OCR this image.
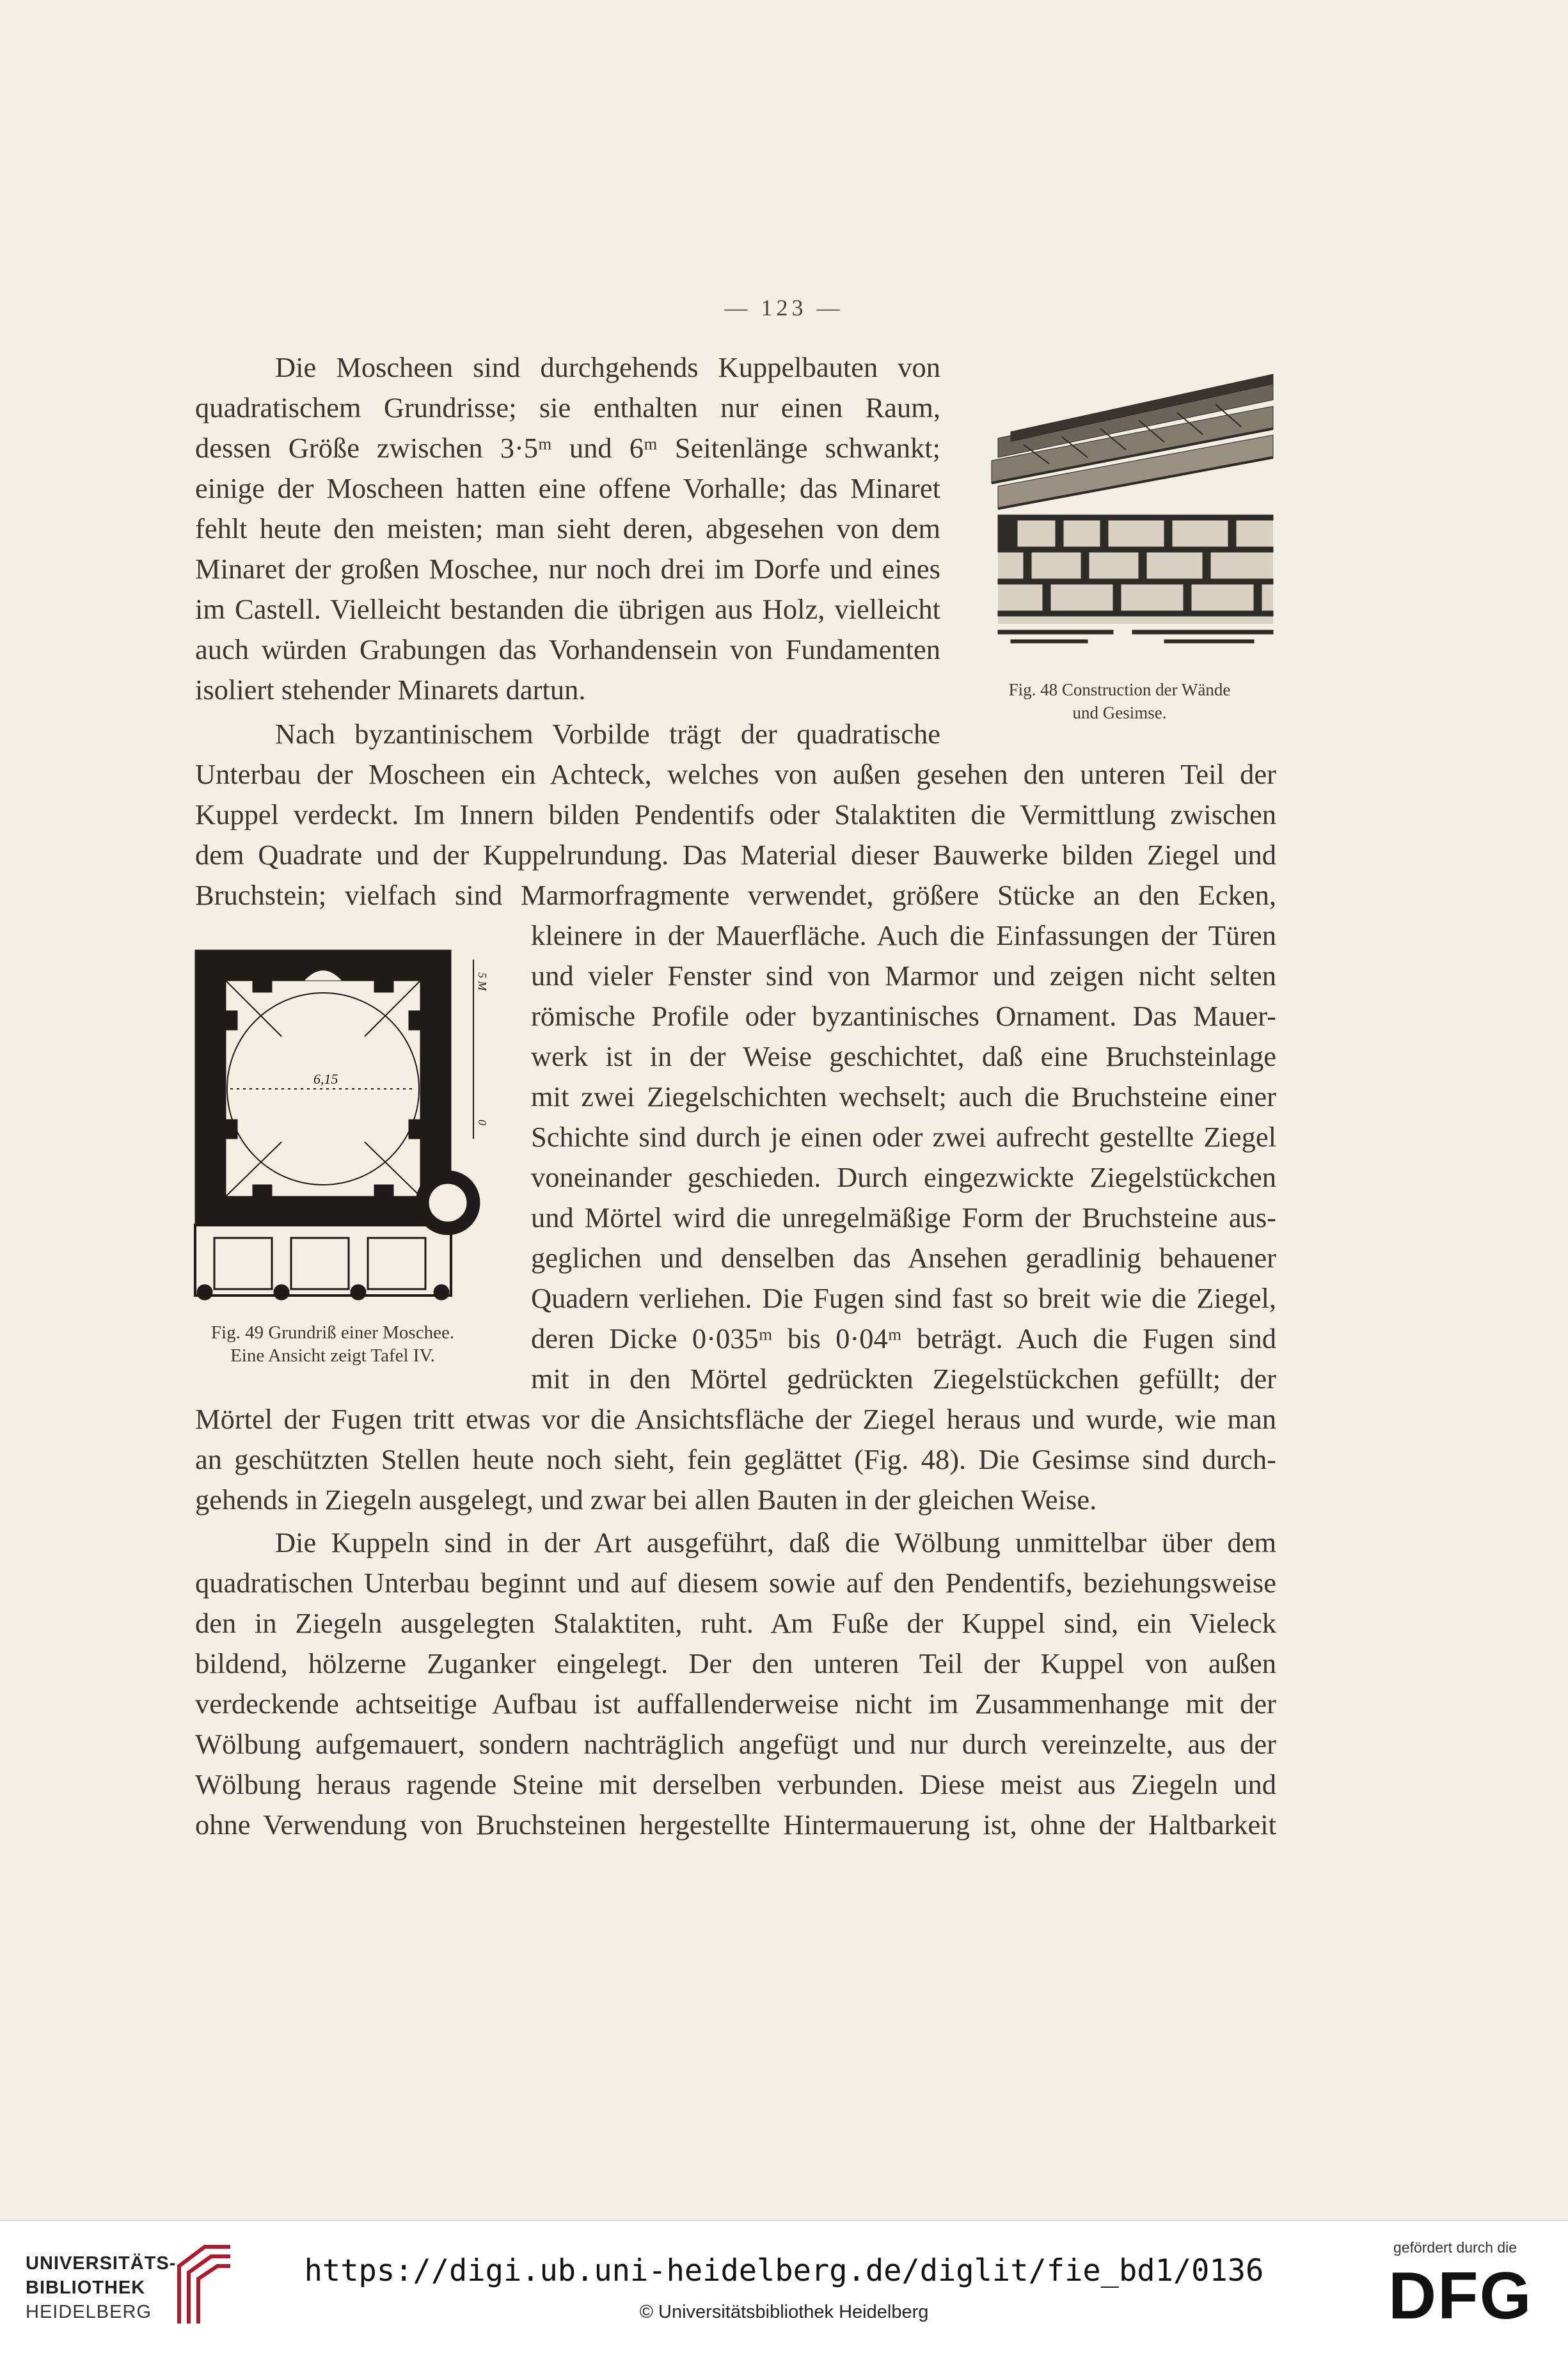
— 123 —
Die Moscheen sind durchgehends Kuppelbauten von
quadratischem Grundrisse; sie enthalten nur einen Raum,
dessen Größe zwischen 3·5ᵐ und 6ᵐ Seitenlänge schwankt;
einige der Moscheen hatten eine offene Vorhalle; das Minaret
fehlt heute den meisten; man sieht deren, abgesehen von dem
Minaret der großen Moschee, nur noch drei im Dorfe und eines
im Castell. Vielleicht bestanden die übrigen aus Holz, vielleicht
auch würden Grabungen das Vorhandensein von Fundamenten
isoliert stehender Minarets dartun.
Nach byzantinischem Vorbilde trägt der quadratische
Unterbau der Moscheen ein Achteck, welches von außen gesehen den unteren Teil der
Kuppel verdeckt. Im Innern bilden Pendentifs oder Stalaktiten die Vermittlung zwischen
dem Quadrate und der Kuppelrundung. Das Material dieser Bauwerke bilden Ziegel und
Bruchstein; vielfach sind Marmorfragmente verwendet, größere Stücke an den Ecken,
kleinere in der Mauerfläche. Auch die Einfassungen der Türen
und vieler Fenster sind von Marmor und zeigen nicht selten
römische Profile oder byzantinisches Ornament. Das Mauer-
werk ist in der Weise geschichtet, daß eine Bruchsteinlage
mit zwei Ziegelschichten wechselt; auch die Bruchsteine einer
Schichte sind durch je einen oder zwei aufrecht gestellte Ziegel
voneinander geschieden. Durch eingezwickte Ziegelstückchen
und Mörtel wird die unregelmäßige Form der Bruchsteine aus-
geglichen und denselben das Ansehen geradlinig behauener
Quadern verliehen. Die Fugen sind fast so breit wie die Ziegel,
deren Dicke 0·035ᵐ bis 0·04ᵐ beträgt. Auch die Fugen sind
mit in den Mörtel gedrückten Ziegelstückchen gefüllt; der
Mörtel der Fugen tritt etwas vor die Ansichtsfläche der Ziegel heraus und wurde, wie man
an geschützten Stellen heute noch sieht, fein geglättet (Fig. 48). Die Gesimse sind durch-
gehends in Ziegeln ausgelegt, und zwar bei allen Bauten in der gleichen Weise.
Die Kuppeln sind in der Art ausgeführt, daß die Wölbung unmittelbar über dem
quadratischen Unterbau beginnt und auf diesem sowie auf den Pendentifs, beziehungsweise
den in Ziegeln ausgelegten Stalaktiten, ruht. Am Fuße der Kuppel sind, ein Vieleck
bildend, hölzerne Zuganker eingelegt. Der den unteren Teil der Kuppel von außen
verdeckende achtseitige Aufbau ist auffallenderweise nicht im Zusammenhange mit der
Wölbung aufgemauert, sondern nachträglich angefügt und nur durch vereinzelte, aus der
Wölbung heraus ragende Steine mit derselben verbunden. Diese meist aus Ziegeln und
ohne Verwendung von Bruchsteinen hergestellte Hintermauerung ist, ohne der Haltbarkeit
Fig. 48 Construction der Wände
und Gesimse.
6,15
5 M
0
Fig. 49 Grundriß einer Moschee.
Eine Ansicht zeigt Tafel IV.
UNIVERSITÄTS-
BIBLIOTHEK
HEIDELBERG
https://digi.ub.uni-heidelberg.de/diglit/fie_bd1/0136
© Universitätsbibliothek Heidelberg
gefördert durch die
DFG
